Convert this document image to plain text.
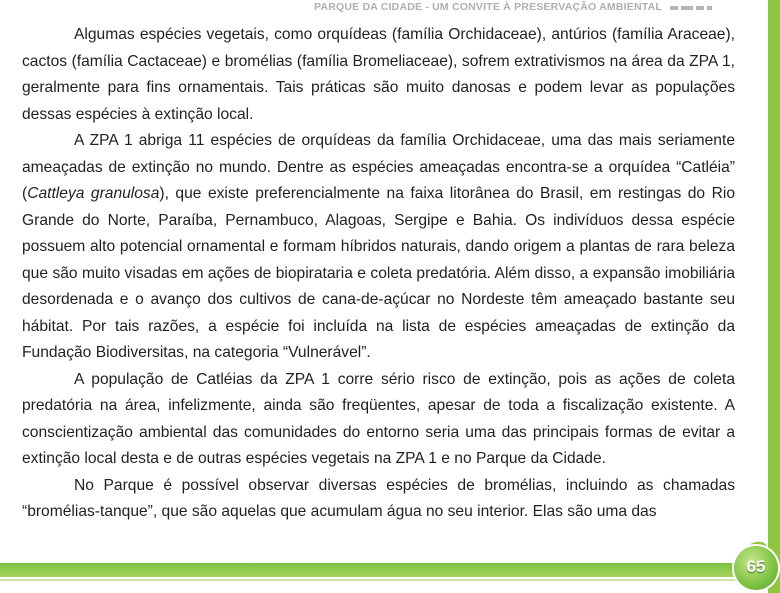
PARQUE DA CIDADE - UM CONVITE À PRESERVAÇÃO AMBIENTAL

Algumas espécies vegetais, como orquídeas (família Orchidaceae), antúrios (família Araceae), cactos (família Cactaceae) e bromélias (família Bromeliaceae), sofrem extrativismos na área da ZPA 1, geralmente para fins ornamentais. Tais práticas são muito danosas e podem levar as populações dessas espécies à extinção local.

A ZPA 1 abriga 11 espécies de orquídeas da família Orchidaceae, uma das mais seriamente ameaçadas de extinção no mundo. Dentre as espécies ameaçadas encontra-se a orquídea “Catléia” (Cattleya granulosa), que existe preferencialmente na faixa litorânea do Brasil, em restingas do Rio Grande do Norte, Paraíba, Pernambuco, Alagoas, Sergipe e Bahia. Os indivíduos dessa espécie possuem alto potencial ornamental e formam híbridos naturais, dando origem a plantas de rara beleza que são muito visadas em ações de biopirataria e coleta predatória. Além disso, a expansão imobiliária desordenada e o avanço dos cultivos de cana-de-açúcar no Nordeste têm ameaçado bastante seu hábitat. Por tais razões, a espécie foi incluída na lista de espécies ameaçadas de extinção da Fundação Biodiversitas, na categoria “Vulnerável”.

A população de Catléias da ZPA 1 corre sério risco de extinção, pois as ações de coleta predatória na área, infelizmente, ainda são freqüentes, apesar de toda a fiscalização existente. A conscientização ambiental das comunidades do entorno seria uma das principais formas de evitar a extinção local desta e de outras espécies vegetais na ZPA 1 e no Parque da Cidade.

No Parque é possível observar diversas espécies de bromélias, incluindo as chamadas “bromélias-tanque”, que são aquelas que acumulam água no seu interior. Elas são uma das

65
